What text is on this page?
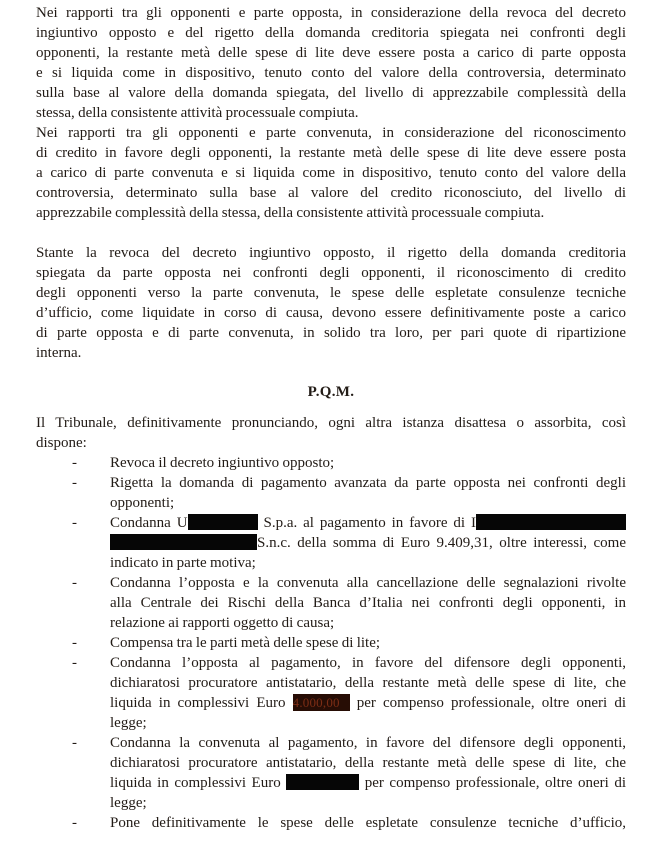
Nei rapporti tra gli opponenti e parte opposta, in considerazione della revoca del decreto
ingiuntivo opposto e del rigetto della domanda creditoria spiegata nei confronti degli
opponenti, la restante metà delle spese di lite deve essere posta a carico di parte opposta
e si liquida come in dispositivo, tenuto conto del valore della controversia, determinato
sulla base al valore della domanda spiegata, del livello di apprezzabile complessità della
stessa, della consistente attività processuale compiuta.
Nei rapporti tra gli opponenti e parte convenuta, in considerazione del riconoscimento
di credito in favore degli opponenti, la restante metà delle spese di lite deve essere posta
a carico di parte convenuta e si liquida come in dispositivo, tenuto conto del valore della
controversia, determinato sulla base al valore del credito riconosciuto, del livello di
apprezzabile complessità della stessa, della consistente attività processuale compiuta.
Stante la revoca del decreto ingiuntivo opposto, il rigetto della domanda creditoria
spiegata da parte opposta nei confronti degli opponenti, il riconoscimento di credito
degli opponenti verso la parte convenuta, le spese delle espletate consulenze tecniche
d’ufficio, come liquidate in corso di causa, devono essere definitivamente poste a carico
di parte opposta e di parte convenuta, in solido tra loro, per pari quote di ripartizione
interna.
P.Q.M.
Il Tribunale, definitivamente pronunciando, ogni altra istanza disattesa o assorbita, così
dispone:
- Revoca il decreto ingiuntivo opposto;
- Rigetta la domanda di pagamento avanzata da parte opposta nei confronti degli
opponenti;
- Condanna U	S.p.a. al pagamento in favore di I
S.n.c. della somma di Euro 9.409,31, oltre interessi, come
indicato in parte motiva;
- Condanna l’opposta e la convenuta alla cancellazione delle segnalazioni rivolte
alla Centrale dei Rischi della Banca d’Italia nei confronti degli opponenti, in
relazione ai rapporti oggetto di causa;
- Compensa tra le parti metà delle spese di lite;
- Condanna l’opposta al pagamento, in favore del difensore degli opponenti,
dichiaratosi procuratore antistatario, della restante metà delle spese di lite, che
liquida in complessivi Euro 4.000,00 per compenso professionale, oltre oneri di
legge;
- Condanna la convenuta al pagamento, in favore del difensore degli opponenti,
dichiaratosi procuratore antistatario, della restante metà delle spese di lite, che
liquida in complessivi Euro	per compenso professionale, oltre oneri di
legge;
- Pone definitivamente le spese delle espletate consulenze tecniche d’ufficio,
